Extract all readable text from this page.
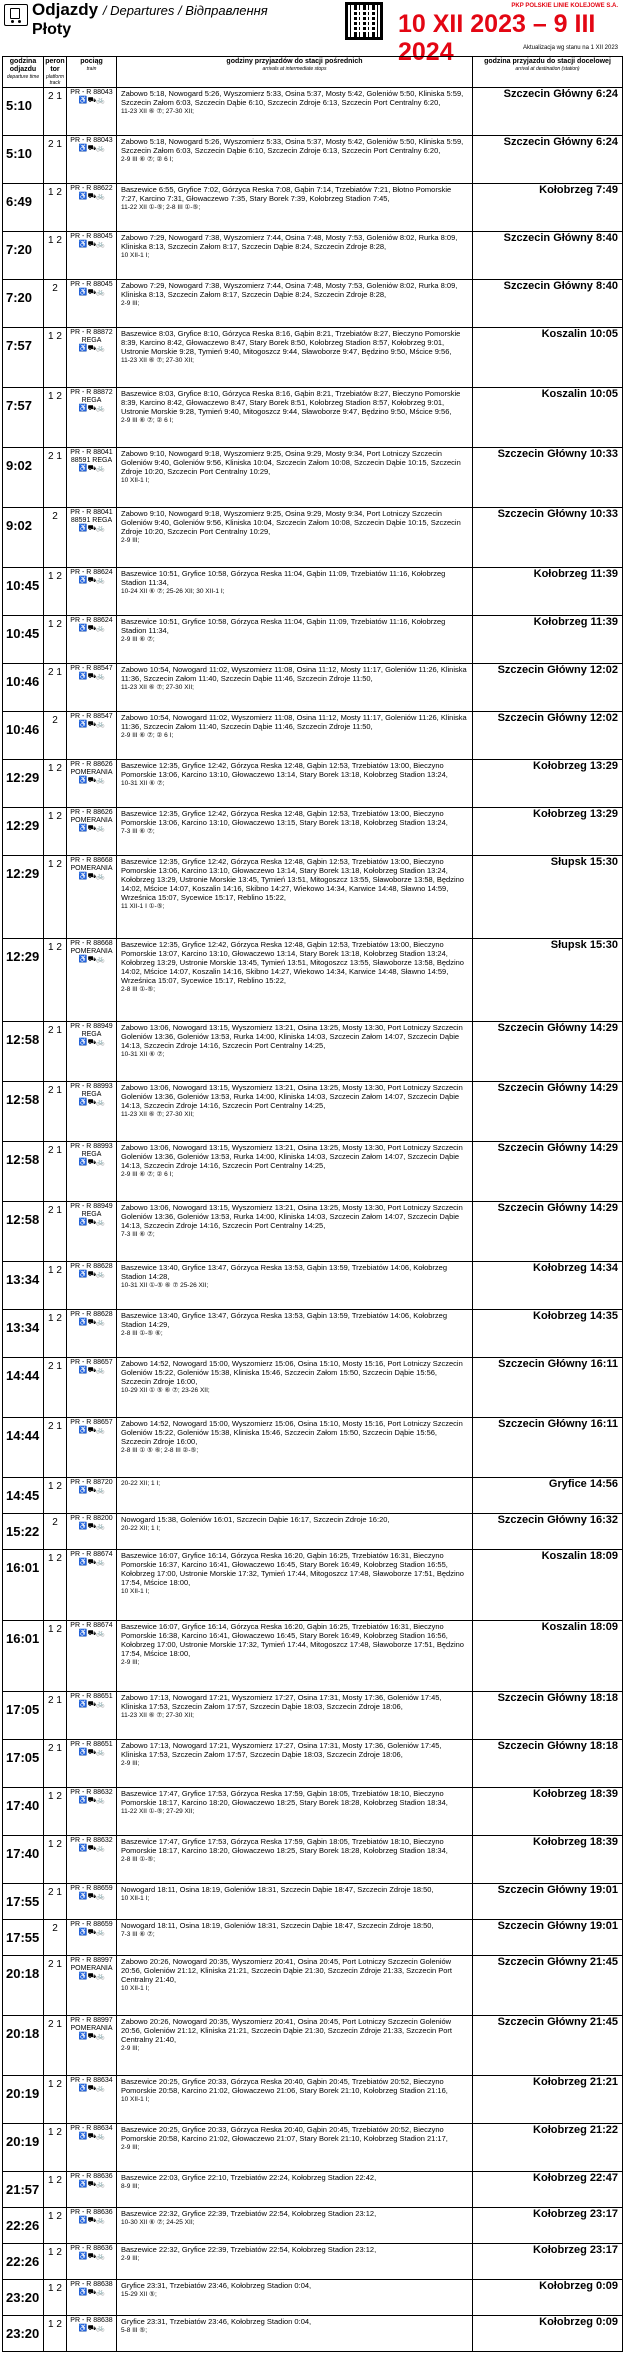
Odjazdy / Departures / Відправлення
Płoty	10 XII 2023 – 9 III 2024
PKP POLSKIE LINIE KOLEJOWE S.A.
Aktualizacja wg stanu na 1 XII 2023
godzina odjazdu
departure time	peron tor
platform track	pociąg
train	godziny przyjazdów do stacji pośrednich
arrivals at intermediate stops	godzina przyjazdu do stacji docelowej
arrival at destination (station)

5:10	2 1	PR - R 88043
♿ ⛟ 🚲	Zabowo 5:18, Nowogard 5:26, Wyszomierz 5:33, Osina 5:37, Mosty 5:42, Goleniów 5:50, Kliniska 5:59, Szczecin Załom 6:03, Szczecin Dąbie 6:10, Szczecin Zdroje 6:13, Szczecin Port Centralny 6:20,
11-23 XII ⑥ ⑦; 27-30 XII;	Szczecin Główny 6:24

5:10	2 1	PR - R 88043
♿ ⛟ 🚲	Zabowo 5:18, Nowogard 5:26, Wyszomierz 5:33, Osina 5:37, Mosty 5:42, Goleniów 5:50, Kliniska 5:59, Szczecin Załom 6:03, Szczecin Dąbie 6:10, Szczecin Zdroje 6:13, Szczecin Port Centralny 6:20,
2-9 III ⑥ ⑦; ② 6 I;	Szczecin Główny 6:24

6:49	1 2	PR - R 88622
♿ ⛟ 🚲	Baszewice 6:55, Gryfice 7:02, Górzyca Reska 7:08, Gąbin 7:14, Trzebiatów 7:21, Błotno Pomorskie 7:27, Karcino 7:31, Głowaczewo 7:35, Stary Borek 7:39, Kołobrzeg Stadion 7:45,
11-22 XII ①-⑤; 2-8 III ①-⑤;	Kołobrzeg 7:49

7:20	1 2	PR - R 88045
♿ ⛟ 🚲	Zabowo 7:29, Nowogard 7:38, Wyszomierz 7:44, Osina 7:48, Mosty 7:53, Goleniów 8:02, Rurka 8:09, Kliniska 8:13, Szczecin Załom 8:17, Szczecin Dąbie 8:24, Szczecin Zdroje 8:28,
10 XII-1 I;	Szczecin Główny 8:40

7:20	2	PR - R 88045
♿ ⛟ 🚲	Zabowo 7:29, Nowogard 7:38, Wyszomierz 7:44, Osina 7:48, Mosty 7:53, Goleniów 8:02, Rurka 8:09, Kliniska 8:13, Szczecin Załom 8:17, Szczecin Dąbie 8:24, Szczecin Zdroje 8:28,
2-9 III;	Szczecin Główny 8:40

7:57	1 2	PR - R 88872 REGA
♿ ⛟ 🚲	Baszewice 8:03, Gryfice 8:10, Górzyca Reska 8:16, Gąbin 8:21, Trzebiatów 8:27, Bieczyno Pomorskie 8:39, Karcino 8:42, Głowaczewo 8:47, Stary Borek 8:50, Kołobrzeg Stadion 8:57, Kołobrzeg 9:01, Ustronie Morskie 9:28, Tymień 9:40, Mitogoszcz 9:44, Sławoborze 9:47, Będzino 9:50, Mścice 9:56,
11-23 XII ⑥ ⑦; 27-30 XII;	Koszalin 10:05

7:57	1 2	PR - R 88872 REGA
♿ ⛟ 🚲	Baszewice 8:03, Gryfice 8:10, Górzyca Reska 8:16, Gąbin 8:21, Trzebiatów 8:27, Bieczyno Pomorskie 8:39, Karcino 8:42, Głowaczewo 8:47, Stary Borek 8:51, Kołobrzeg Stadion 8:57, Kołobrzeg 9:01, Ustronie Morskie 9:28, Tymień 9:40, Mitogoszcz 9:44, Sławoborze 9:47, Będzino 9:50, Mścice 9:56,
2-9 III ⑥ ⑦; ② 6 I;	Koszalin 10:05

9:02	2 1	PR - R 88041 88591 REGA
♿ ⛟ 🚲	Zabowo 9:10, Nowogard 9:18, Wyszomierz 9:25, Osina 9:29, Mosty 9:34, Port Lotniczy Szczecin Goleniów 9:40, Goleniów 9:56, Kliniska 10:04, Szczecin Załom 10:08, Szczecin Dąbie 10:15, Szczecin Zdroje 10:20, Szczecin Port Centralny 10:29,
10 XII-1 I;	Szczecin Główny 10:33

9:02	2	PR - R 88041 88591 REGA
♿ ⛟ 🚲	Zabowo 9:10, Nowogard 9:18, Wyszomierz 9:25, Osina 9:29, Mosty 9:34, Port Lotniczy Szczecin Goleniów 9:40, Goleniów 9:56, Kliniska 10:04, Szczecin Załom 10:08, Szczecin Dąbie 10:15, Szczecin Zdroje 10:20, Szczecin Port Centralny 10:29,
2-9 III;	Szczecin Główny 10:33

10:45	1 2	PR - R 88624
♿ ⛟ 🚲	Baszewice 10:51, Gryfice 10:58, Górzyca Reska 11:04, Gąbin 11:09, Trzebiatów 11:16, Kołobrzeg Stadion 11:34,
10-24 XII ⑥ ⑦; 25-26 XII; 30 XII-1 I;	Kołobrzeg 11:39

10:45	1 2	PR - R 88624
♿ ⛟ 🚲	Baszewice 10:51, Gryfice 10:58, Górzyca Reska 11:04, Gąbin 11:09, Trzebiatów 11:16, Kołobrzeg Stadion 11:34,
2-9 III ⑥ ⑦;	Kołobrzeg 11:39

10:46	2 1	PR - R 88547
♿ ⛟ 🚲	Zabowo 10:54, Nowogard 11:02, Wyszomierz 11:08, Osina 11:12, Mosty 11:17, Goleniów 11:26, Kliniska 11:36, Szczecin Załom 11:40, Szczecin Dąbie 11:46, Szczecin Zdroje 11:50,
11-23 XII ⑥ ⑦; 27-30 XII;	Szczecin Główny 12:02

10:46	2	PR - R 88547
♿ ⛟ 🚲	Zabowo 10:54, Nowogard 11:02, Wyszomierz 11:08, Osina 11:12, Mosty 11:17, Goleniów 11:26, Kliniska 11:36, Szczecin Załom 11:40, Szczecin Dąbie 11:46, Szczecin Zdroje 11:50,
2-9 III ⑥ ⑦; ② 6 I;	Szczecin Główny 12:02

12:29	1 2	PR - R 88626 POMERANIA
♿ ⛟ 🚲	Baszewice 12:35, Gryfice 12:42, Górzyca Reska 12:48, Gąbin 12:53, Trzebiatów 13:00, Bieczyno Pomorskie 13:06, Karcino 13:10, Głowaczewo 13:14, Stary Borek 13:18, Kołobrzeg Stadion 13:24,
10-31 XII ⑥ ⑦;	Kołobrzeg 13:29

12:29	1 2	PR - R 88626 POMERANIA
♿ ⛟ 🚲	Baszewice 12:35, Gryfice 12:42, Górzyca Reska 12:48, Gąbin 12:53, Trzebiatów 13:00, Bieczyno Pomorskie 13:06, Karcino 13:10, Głowaczewo 13:15, Stary Borek 13:18, Kołobrzeg Stadion 13:24,
7-3 III ⑥ ⑦;	Kołobrzeg 13:29

12:29	1 2	PR - R 88668 POMERANIA
♿ ⛟ 🚲	Baszewice 12:35, Gryfice 12:42, Górzyca Reska 12:48, Gąbin 12:53, Trzebiatów 13:00, Bieczyno Pomorskie 13:06, Karcino 13:10, Głowaczewo 13:14, Stary Borek 13:18, Kołobrzeg Stadion 13:24, Kołobrzeg 13:29, Ustronie Morskie 13:45, Tymień 13:51, Mitogoszcz 13:55, Sławoborze 13:58, Będzino 14:02, Mścice 14:07, Koszalin 14:16, Skibno 14:27, Wiekowo 14:34, Karwice 14:48, Sławno 14:59, Wrześnica 15:07, Sycewice 15:17, Reblino 15:22,
11 XII-1 I ①-⑤;	Słupsk 15:30

12:29	1 2	PR - R 88668 POMERANIA
♿ ⛟ 🚲	Baszewice 12:35, Gryfice 12:42, Górzyca Reska 12:48, Gąbin 12:53, Trzebiatów 13:00, Bieczyno Pomorskie 13:07, Karcino 13:10, Głowaczewo 13:14, Stary Borek 13:18, Kołobrzeg Stadion 13:24, Kołobrzeg 13:29, Ustronie Morskie 13:45, Tymień 13:51, Mitogoszcz 13:55, Sławoborze 13:58, Będzino 14:02, Mścice 14:07, Koszalin 14:16, Skibno 14:27, Wiekowo 14:34, Karwice 14:48, Sławno 14:59, Wrześnica 15:07, Sycewice 15:17, Reblino 15:22,
2-8 III ①-⑤;	Słupsk 15:30

12:58	2 1	PR - R 88949 REGA
♿ ⛟ 🚲	Zabowo 13:06, Nowogard 13:15, Wyszomierz 13:21, Osina 13:25, Mosty 13:30, Port Lotniczy Szczecin Goleniów 13:36, Goleniów 13:53, Rurka 14:00, Kliniska 14:03, Szczecin Załom 14:07, Szczecin Dąbie 14:13, Szczecin Zdroje 14:16, Szczecin Port Centralny 14:25,
10-31 XII ⑥ ⑦;	Szczecin Główny 14:29

12:58	2 1	PR - R 88993 REGA
♿ ⛟ 🚲	Zabowo 13:06, Nowogard 13:15, Wyszomierz 13:21, Osina 13:25, Mosty 13:30, Port Lotniczy Szczecin Goleniów 13:36, Goleniów 13:53, Rurka 14:00, Kliniska 14:03, Szczecin Załom 14:07, Szczecin Dąbie 14:13, Szczecin Zdroje 14:16, Szczecin Port Centralny 14:25,
11-23 XII ⑥ ⑦; 27-30 XII;	Szczecin Główny 14:29

12:58	2 1	PR - R 88993 REGA
♿ ⛟ 🚲	Zabowo 13:06, Nowogard 13:15, Wyszomierz 13:21, Osina 13:25, Mosty 13:30, Port Lotniczy Szczecin Goleniów 13:36, Goleniów 13:53, Rurka 14:00, Kliniska 14:03, Szczecin Załom 14:07, Szczecin Dąbie 14:13, Szczecin Zdroje 14:16, Szczecin Port Centralny 14:25,
2-9 III ⑥ ⑦; ② 6 I;	Szczecin Główny 14:29

12:58	2 1	PR - R 88949 REGA
♿ ⛟ 🚲	Zabowo 13:06, Nowogard 13:15, Wyszomierz 13:21, Osina 13:25, Mosty 13:30, Port Lotniczy Szczecin Goleniów 13:36, Goleniów 13:53, Rurka 14:00, Kliniska 14:03, Szczecin Załom 14:07, Szczecin Dąbie 14:13, Szczecin Zdroje 14:16, Szczecin Port Centralny 14:25,
7-3 III ⑥ ⑦;	Szczecin Główny 14:29

13:34	1 2	PR - R 88628
♿ ⛟ 🚲	Baszewice 13:40, Gryfice 13:47, Górzyca Reska 13:53, Gąbin 13:59, Trzebiatów 14:06, Kołobrzeg Stadion 14:28,
10-31 XII ①-⑤ ⑥ ⑦ 25-26 XII;	Kołobrzeg 14:34

13:34	1 2	PR - R 88628
♿ ⛟ 🚲	Baszewice 13:40, Gryfice 13:47, Górzyca Reska 13:53, Gąbin 13:59, Trzebiatów 14:06, Kołobrzeg Stadion 14:29,
2-8 III ①-⑤ ⑥;	Kołobrzeg 14:35

14:44	2 1	PR - R 88657
♿ ⛟ 🚲	Zabowo 14:52, Nowogard 15:00, Wyszomierz 15:06, Osina 15:10, Mosty 15:16, Port Lotniczy Szczecin Goleniów 15:22, Goleniów 15:38, Kliniska 15:46, Szczecin Załom 15:50, Szczecin Dąbie 15:56, Szczecin Zdroje 16:00,
10-29 XII ① ⑤ ⑥ ⑦; 23-26 XII;	Szczecin Główny 16:11

14:44	2 1	PR - R 88657
♿ ⛟ 🚲	Zabowo 14:52, Nowogard 15:00, Wyszomierz 15:06, Osina 15:10, Mosty 15:16, Port Lotniczy Szczecin Goleniów 15:22, Goleniów 15:38, Kliniska 15:46, Szczecin Załom 15:50, Szczecin Dąbie 15:56, Szczecin Zdroje 16:00,
2-8 III ① ⑤ ⑥; 2-8 III ②-⑤;	Szczecin Główny 16:11

14:45	1 2	PR - R 88720
♿ ⛟ 🚲	20-22 XII; 1 I;	Gryfice 14:56

15:22	2	PR - R 88200
♿ ⛟ 🚲	Nowogard 15:38, Goleniów 16:01, Szczecin Dąbie 16:17, Szczecin Zdroje 16:20,
20-22 XII; 1 I;	Szczecin Główny 16:32

16:01	1 2	PR - R 88674
♿ ⛟ 🚲	Baszewice 16:07, Gryfice 16:14, Górzyca Reska 16:20, Gąbin 16:25, Trzebiatów 16:31, Bieczyno Pomorskie 16:37, Karcino 16:41, Głowaczewo 16:45, Stary Borek 16:49, Kołobrzeg Stadion 16:55, Kołobrzeg 17:00, Ustronie Morskie 17:32, Tymień 17:44, Mitogoszcz 17:48, Sławoborze 17:51, Będzino 17:54, Mścice 18:00,
10 XII-1 I;	Koszalin 18:09

16:01	1 2	PR - R 88674
♿ ⛟ 🚲	Baszewice 16:07, Gryfice 16:14, Górzyca Reska 16:20, Gąbin 16:25, Trzebiatów 16:31, Bieczyno Pomorskie 16:38, Karcino 16:41, Głowaczewo 16:45, Stary Borek 16:49, Kołobrzeg Stadion 16:56, Kołobrzeg 17:00, Ustronie Morskie 17:32, Tymień 17:44, Mitogoszcz 17:48, Sławoborze 17:51, Będzino 17:54, Mścice 18:00,
2-9 III;	Koszalin 18:09

17:05	2 1	PR - R 88651
♿ ⛟ 🚲	Zabowo 17:13, Nowogard 17:21, Wyszomierz 17:27, Osina 17:31, Mosty 17:36, Goleniów 17:45, Kliniska 17:53, Szczecin Załom 17:57, Szczecin Dąbie 18:03, Szczecin Zdroje 18:06,
11-23 XII ⑥ ⑦; 27-30 XII;	Szczecin Główny 18:18

17:05	2 1	PR - R 88651
♿ ⛟ 🚲	Zabowo 17:13, Nowogard 17:21, Wyszomierz 17:27, Osina 17:31, Mosty 17:36, Goleniów 17:45, Kliniska 17:53, Szczecin Załom 17:57, Szczecin Dąbie 18:03, Szczecin Zdroje 18:06,
2-9 III;	Szczecin Główny 18:18

17:40	1 2	PR - R 88632
♿ ⛟ 🚲	Baszewice 17:47, Gryfice 17:53, Górzyca Reska 17:59, Gąbin 18:05, Trzebiatów 18:10, Bieczyno Pomorskie 18:17, Karcino 18:20, Głowaczewo 18:25, Stary Borek 18:28, Kołobrzeg Stadion 18:34,
11-22 XII ①-⑤; 27-29 XII;	Kołobrzeg 18:39

17:40	1 2	PR - R 88632
♿ ⛟ 🚲	Baszewice 17:47, Gryfice 17:53, Górzyca Reska 17:59, Gąbin 18:05, Trzebiatów 18:10, Bieczyno Pomorskie 18:17, Karcino 18:20, Głowaczewo 18:25, Stary Borek 18:28, Kołobrzeg Stadion 18:34,
2-8 III ①-⑤;	Kołobrzeg 18:39

17:55	2 1	PR - R 88659
♿ ⛟ 🚲	Nowogard 18:11, Osina 18:19, Goleniów 18:31, Szczecin Dąbie 18:47, Szczecin Zdroje 18:50,
10 XII-1 I;	Szczecin Główny 19:01

17:55	2	PR - R 88659
♿ ⛟ 🚲	Nowogard 18:11, Osina 18:19, Goleniów 18:31, Szczecin Dąbie 18:47, Szczecin Zdroje 18:50,
7-3 III ⑥ ⑦;	Szczecin Główny 19:01

20:18	2 1	PR - R 88997 POMERANIA
♿ ⛟ 🚲	Zabowo 20:26, Nowogard 20:35, Wyszomierz 20:41, Osina 20:45, Port Lotniczy Szczecin Goleniów 20:56, Goleniów 21:12, Kliniska 21:21, Szczecin Dąbie 21:30, Szczecin Zdroje 21:33, Szczecin Port Centralny 21:40,
10 XII-1 I;	Szczecin Główny 21:45

20:18	2 1	PR - R 88997 POMERANIA
♿ ⛟ 🚲	Zabowo 20:26, Nowogard 20:35, Wyszomierz 20:41, Osina 20:45, Port Lotniczy Szczecin Goleniów 20:56, Goleniów 21:12, Kliniska 21:21, Szczecin Dąbie 21:30, Szczecin Zdroje 21:33, Szczecin Port Centralny 21:40,
2-9 III;	Szczecin Główny 21:45

20:19	1 2	PR - R 88634
♿ ⛟ 🚲	Baszewice 20:25, Gryfice 20:33, Górzyca Reska 20:40, Gąbin 20:45, Trzebiatów 20:52, Bieczyno Pomorskie 20:58, Karcino 21:02, Głowaczewo 21:06, Stary Borek 21:10, Kołobrzeg Stadion 21:16,
10 XII-1 I;	Kołobrzeg 21:21

20:19	1 2	PR - R 88634
♿ ⛟ 🚲	Baszewice 20:25, Gryfice 20:33, Górzyca Reska 20:40, Gąbin 20:45, Trzebiatów 20:52, Bieczyno Pomorskie 20:58, Karcino 21:02, Głowaczewo 21:07, Stary Borek 21:10, Kołobrzeg Stadion 21:17,
2-9 III;	Kołobrzeg 21:22

21:57	1 2	PR - R 88636
♿ ⛟ 🚲	Baszewice 22:03, Gryfice 22:10, Trzebiatów 22:24, Kołobrzeg Stadion 22:42,
8-9 III;	Kołobrzeg 22:47

22:26	1 2	PR - R 88636
♿ ⛟ 🚲	Baszewice 22:32, Gryfice 22:39, Trzebiatów 22:54, Kołobrzeg Stadion 23:12,
10-30 XII ⑥ ⑦; 24-25 XII;	Kołobrzeg 23:17

22:26	1 2	PR - R 88636
♿ ⛟ 🚲	Baszewice 22:32, Gryfice 22:39, Trzebiatów 22:54, Kołobrzeg Stadion 23:12,
2-9 III;	Kołobrzeg 23:17

23:20	1 2	PR - R 88638
♿ ⛟ 🚲	Gryfice 23:31, Trzebiatów 23:46, Kołobrzeg Stadion 0:04,
15-29 XII ⑤;	Kołobrzeg 0:09

23:20	1 2	PR - R 88638
♿ ⛟ 🚲	Gryfice 23:31, Trzebiatów 23:46, Kołobrzeg Stadion 0:04,
5-8 III ⑤;	Kołobrzeg 0:09
